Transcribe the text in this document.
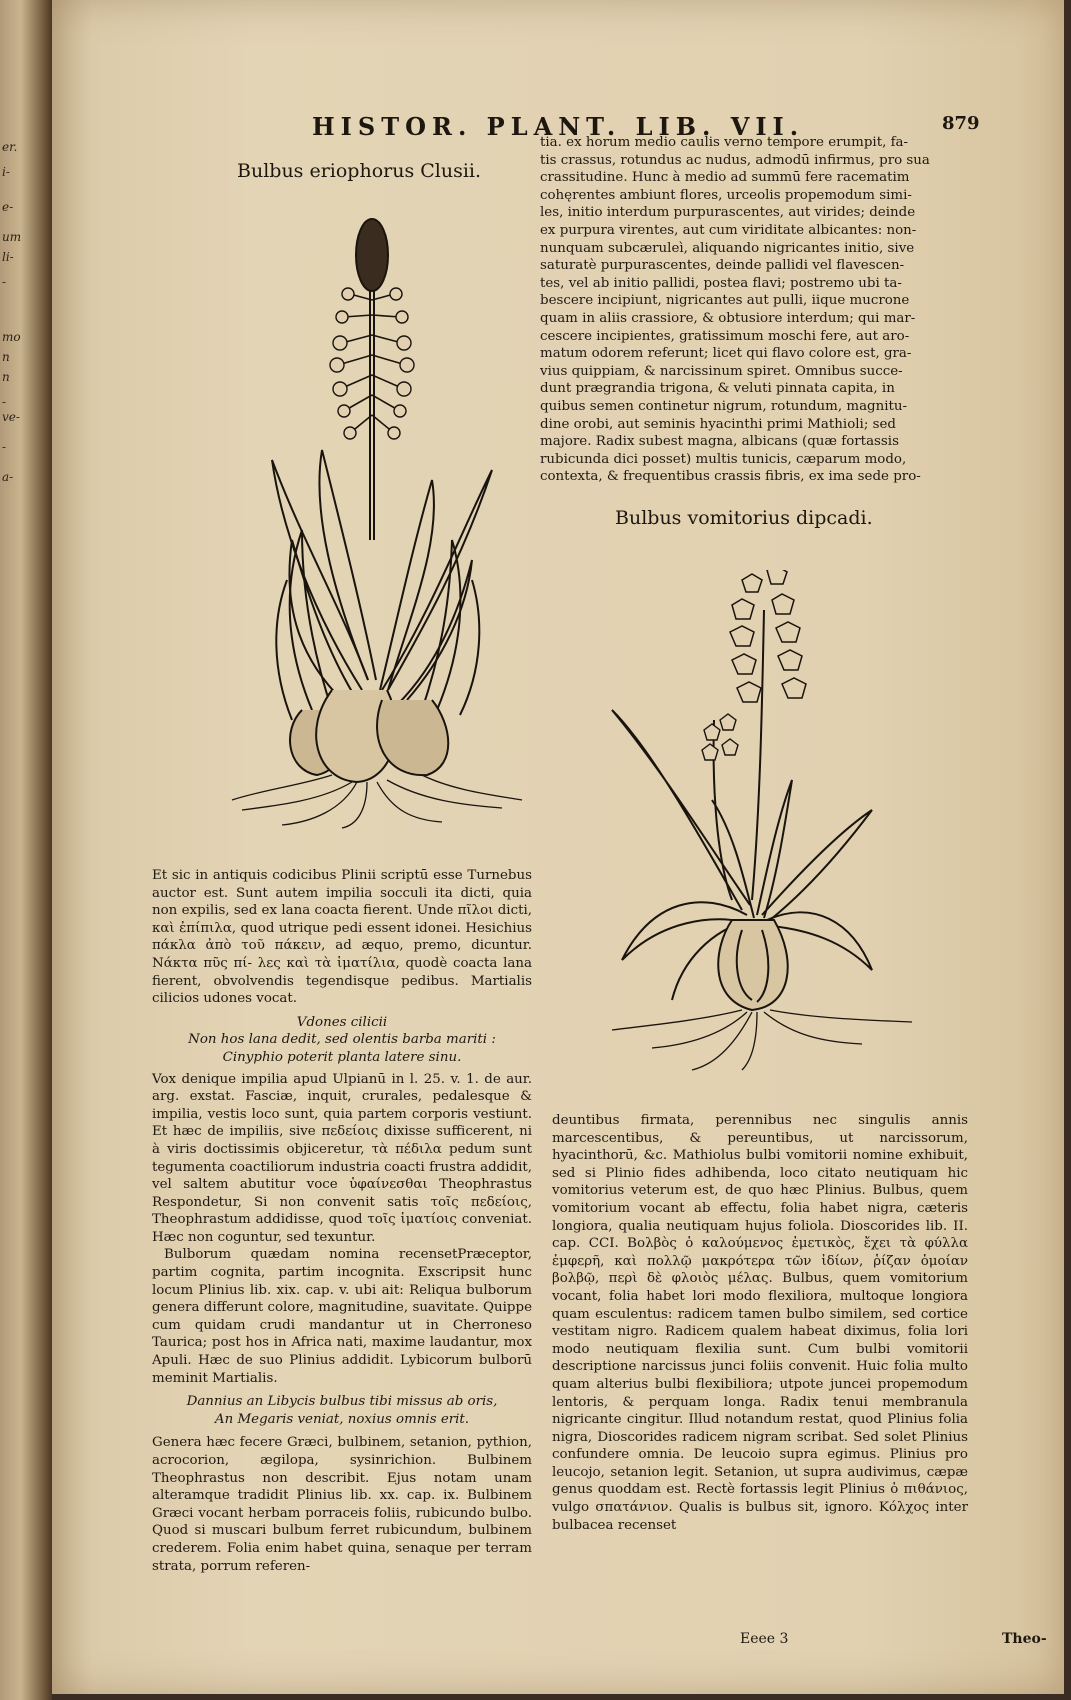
er.
i-
e-
um
li-
-
mo
n
n
-
ve-
-
a-

HISTOR. PLANT. LIB. VII.	879
Bulbus eriophorus Clusii.
tia. ex horum medio caulis verno tempore erumpit, fa-
tis crassus, rotundus ac nudus, admodū infirmus, pro sua
crassitudine. Hunc à medio ad summū fere racematim
cohęrentes ambiunt flores, urceolis propemodum simi-
les, initio interdum purpurascentes, aut virides; deinde
ex purpura virentes, aut cum viriditate albicantes: non-
nunquam subcæruleì, aliquando nigricantes initio, sive
saturatè purpurascentes, deinde pallidi vel flavescen-
tes, vel ab initio pallidi, postea flavi; postremo ubi ta-
bescere incipiunt, nigricantes aut pulli, iique mucrone
quam in aliis crassiore, & obtusiore interdum; qui mar-
cescere incipientes, gratissimum moschi fere, aut aro-
matum odorem referunt; licet qui flavo colore est, gra-
vius quippiam, & narcissinum spiret. Omnibus succe-
dunt prægrandia trigona, & veluti pinnata capita, in
quibus semen continetur nigrum, rotundum, magnitu-
dine orobi, aut seminis hyacinthi primi Mathioli; sed
majore. Radix subest magna, albicans (quæ fortassis
rubicunda dici posset) multis tunicis, cæparum modo,
contexta, & frequentibus crassis fibris, ex ima sede pro-
Bulbus vomitorius dipcadi.

Et sic in antiquis codicibus Plinii scriptū esse Turnebus auctor est. Sunt autem impilia socculi ita dicti, quia non expilis, sed ex lana coacta fierent. Unde πῖλοι dicti, καὶ ἐπίπιλα, quod utrique pedi essent idonei. Hesichius πάκλα ἀπὸ τοῦ πάκειν, ad æquo, premo, dicuntur. Νάκτα πῦς πί- λες καὶ τὰ ἱματίλια, quodè coacta lana fierent, obvolvendis tegendisque pedibus. Martialis cilicios udones vocat.

Vdones cilicii

Non hos lana dedit, sed olentis barba mariti :

Cinyphio poterit planta latere sinu.

Vox denique impilia apud Ulpianū in l. 25. v. 1. de aur. arg. exstat. Fasciæ, inquit, crurales, pedalesque & impilia, vestis loco sunt, quia partem corporis vestiunt. Et hæc de impiliis, sive πεδείοις dixisse sufficerent, ni à viris doctissimis objiceretur, τὰ πέδιλα pedum sunt tegumenta coactiliorum industria coacti frustra addidit, vel saltem abutitur voce ὑφαίνεσθαι Theophrastus Respondetur, Si non convenit satis τοῖς πεδείοις, Theophrastum addidisse, quod τοῖς ἱματίοις conveniat. Hæc non coguntur, sed texuntur.

Bulborum quædam nomina recensetPræceptor, partim cognita, partim incognita. Exscripsit hunc locum Plinius lib. xix. cap. v. ubi ait: Reliqua bulborum genera differunt colore, magnitudine, suavitate. Quippe cum quidam crudi mandantur ut in Cherroneso Taurica; post hos in Africa nati, maxime laudantur, mox Apuli. Hæc de suo Plinius addidit. Lybicorum bulborū meminit Martialis.

Dannius an Libycis bulbus tibi missus ab oris,

An Megaris veniat, noxius omnis erit.

Genera hæc fecere Græci, bulbinem, setanion, pythion, acrocorion, ægilopa, sysinrichion. Bulbinem Theophrastus non describit. Ejus notam unam alteramque tradidit Plinius lib. xx. cap. ix. Bulbinem Græci vocant herbam porraceis foliis, rubicundo bulbo. Quod si muscari bulbum ferret rubicundum, bulbinem crederem. Folia enim habet quina, senaque per terram strata, porrum referen-

deuntibus firmata, perennibus nec singulis annis marcescentibus, & pereuntibus, ut narcissorum, hyacinthorū, &c. Mathiolus bulbi vomitorii nomine exhibuit, sed si Plinio fides adhibenda, loco citato neutiquam hic vomitorius veterum est, de quo hæc Plinius. Bulbus, quem vomitorium vocant ab effectu, folia habet nigra, cæteris longiora, qualia neutiquam hujus foliola. Dioscorides lib. II. cap. CCI. Βολβὸς ὁ καλούμενος ἐμετικὸς, ἔχει τὰ φύλλα ἐμφερῆ, καὶ πολλῷ μακρότερα τῶν ἰδίων, ῥίζαν ὁμοίαν βολβῷ, περὶ δὲ φλοιὸς μέλας. Bulbus, quem vomitorium vocant, folia habet lori modo flexiliora, multoque longiora quam esculentus: radicem tamen bulbo similem, sed cortice vestitam nigro. Radicem qualem habeat diximus, folia lori modo neutiquam flexilia sunt. Cum bulbi vomitorii descriptione narcissus junci foliis convenit. Huic folia multo quam alterius bulbi flexibiliora; utpote juncei propemodum lentoris, & perquam longa. Radix tenui membranula nigricante cingitur. Illud notandum restat, quod Plinius folia nigra, Dioscorides radicem nigram scribat. Sed solet Plinius confundere omnia. De leucoio supra egimus. Plinius pro leucojo, setanion legit. Setanion, ut supra audivimus, cæpæ genus quoddam est. Rectè fortassis legit Plinius ὁ πιθάνιος, vulgo σπατάνιον. Qualis is bulbus sit, ignoro. Κόλχος inter bulbacea recenset

Eeee 3	Theo-
